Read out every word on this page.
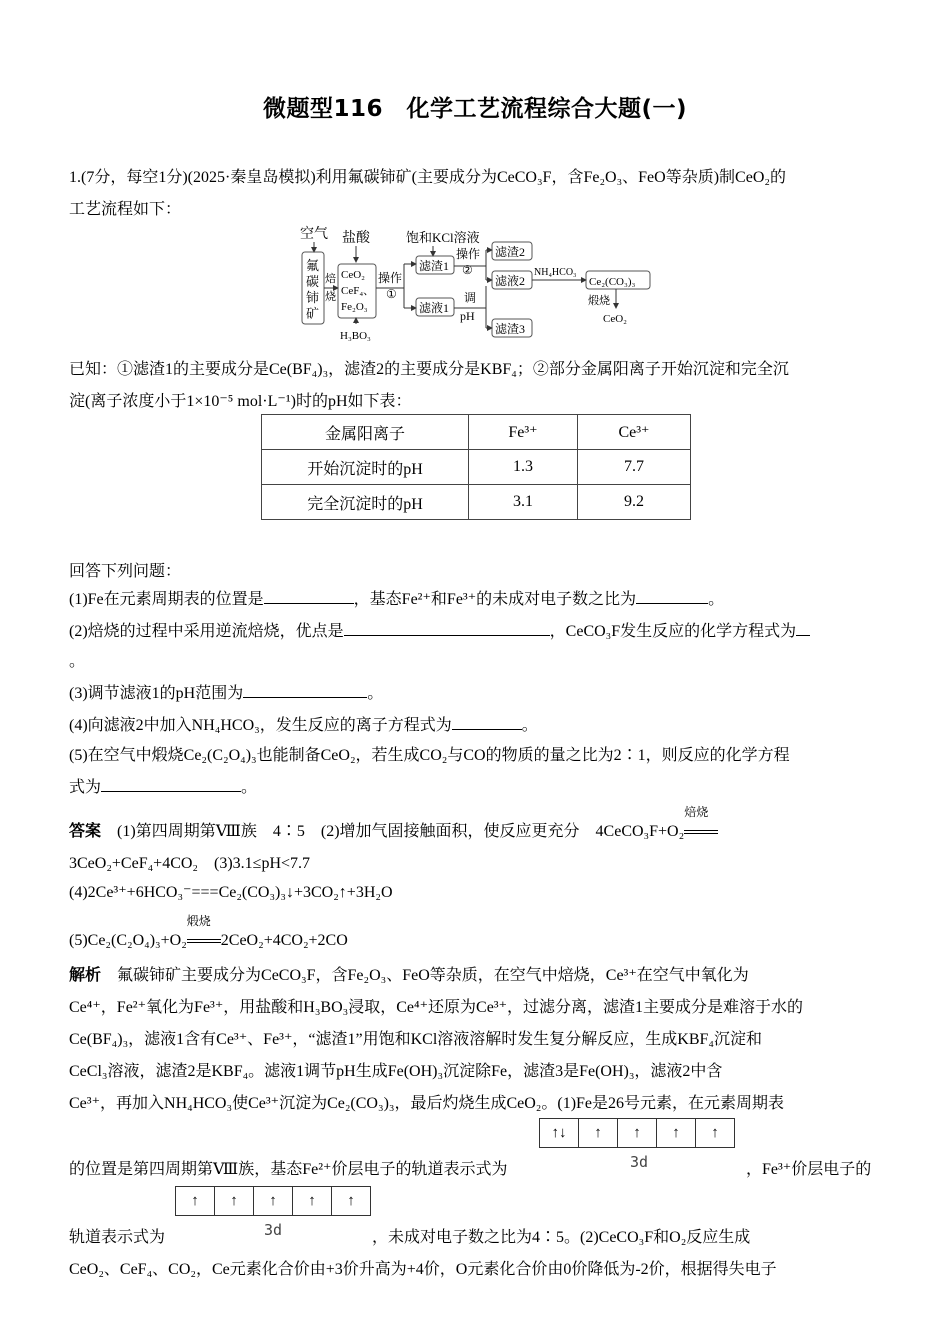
微题型116　化学工艺流程综合大题(一)
1.(7分，每空1分)(2025·秦皇岛模拟)利用氟碳铈矿(主要成分为CeCO₃F，含Fe₂O₃、FeO等杂质)制CeO₂的
工艺流程如下：
空气
氟
碳
铈
矿
焙
烧
盐酸
CeO₂
CeF₄、
Fe₂O₃
H₃BO₃
操作
①
饱和KCl溶液
滤渣1
滤液1
操作
②
滤渣2
滤液2
调
pH
滤渣3
NH₄HCO₃
Ce₂(CO₃)₃
煅烧
CeO₂
已知：①滤渣1的主要成分是Ce(BF₄)₃，滤渣2的主要成分是KBF₄；②部分金属阳离子开始沉淀和完全沉
淀(离子浓度小于1×10⁻⁵ mol·L⁻¹)时的pH如下表：
金属阳离子	Fe³⁺	Ce³⁺
开始沉淀时的pH	1.3	7.7
完全沉淀时的pH	3.1	9.2
回答下列问题：
(1)Fe在元素周期表的位置是	，基态Fe²⁺和Fe³⁺的未成对电子数之比为	。
(2)焙烧的过程中采用逆流焙烧，优点是	，CeCO₃F发生反应的化学方程式为
。
(3)调节滤液1的pH范围为	。
(4)向滤液2中加入NH₄HCO₃，发生反应的离子方程式为	。
(5)在空气中煅烧Ce₂(C₂O₄)₃也能制备CeO₂，若生成CO₂与CO的物质的量之比为2∶1，则反应的化学方程
式为	。
答案　 (1)第四周期第Ⅷ族　4∶5　(2)增加气固接触面积，使反应更充分　4CeCO₃F+O₂
焙烧
3CeO₂+CeF₄+4CO₂　(3)3.1≤pH<7.7
(4)2Ce³⁺+6HCO₃⁻===Ce₂(CO₃)₃↓+3CO₂↑+3H₂O
(5)Ce₂(C₂O₄)₃+O₂
煅烧
2CeO₂+4CO₂+2CO
解析　 氟碳铈矿主要成分为CeCO₃F，含Fe₂O₃、FeO等杂质，在空气中焙烧，Ce³⁺在空气中氧化为
Ce⁴⁺，Fe²⁺氧化为Fe³⁺，用盐酸和H₃BO₃浸取，Ce⁴⁺还原为Ce³⁺，过滤分离，滤渣1主要成分是难溶于水的
Ce(BF₄)₃，滤液1含有Ce³⁺、Fe³⁺，“滤渣1”用饱和KCl溶液溶解时发生复分解反应，生成KBF₄沉淀和
CeCl₃溶液，滤渣2是KBF₄。滤液1调节pH生成Fe(OH)₃沉淀除Fe，滤渣3是Fe(OH)₃，滤液2中含
Ce³⁺，再加入NH₄HCO₃使Ce³⁺沉淀为Ce₂(CO₃)₃，最后灼烧生成CeO₂。(1)Fe是26号元素，在元素周期表
↑↓	↑	↑	↑	↑
3d
的位置是第四周期第Ⅷ族，基态Fe²⁺价层电子的轨道表示式为	，Fe³⁺价层电子的
↑	↑	↑	↑	↑
3d
轨道表示式为	，未成对电子数之比为4∶5。(2)CeCO₃F和O₂反应生成
CeO₂、CeF₄、CO₂，Ce元素化合价由+3价升高为+4价，O元素化合价由0价降低为-2价，根据得失电子
